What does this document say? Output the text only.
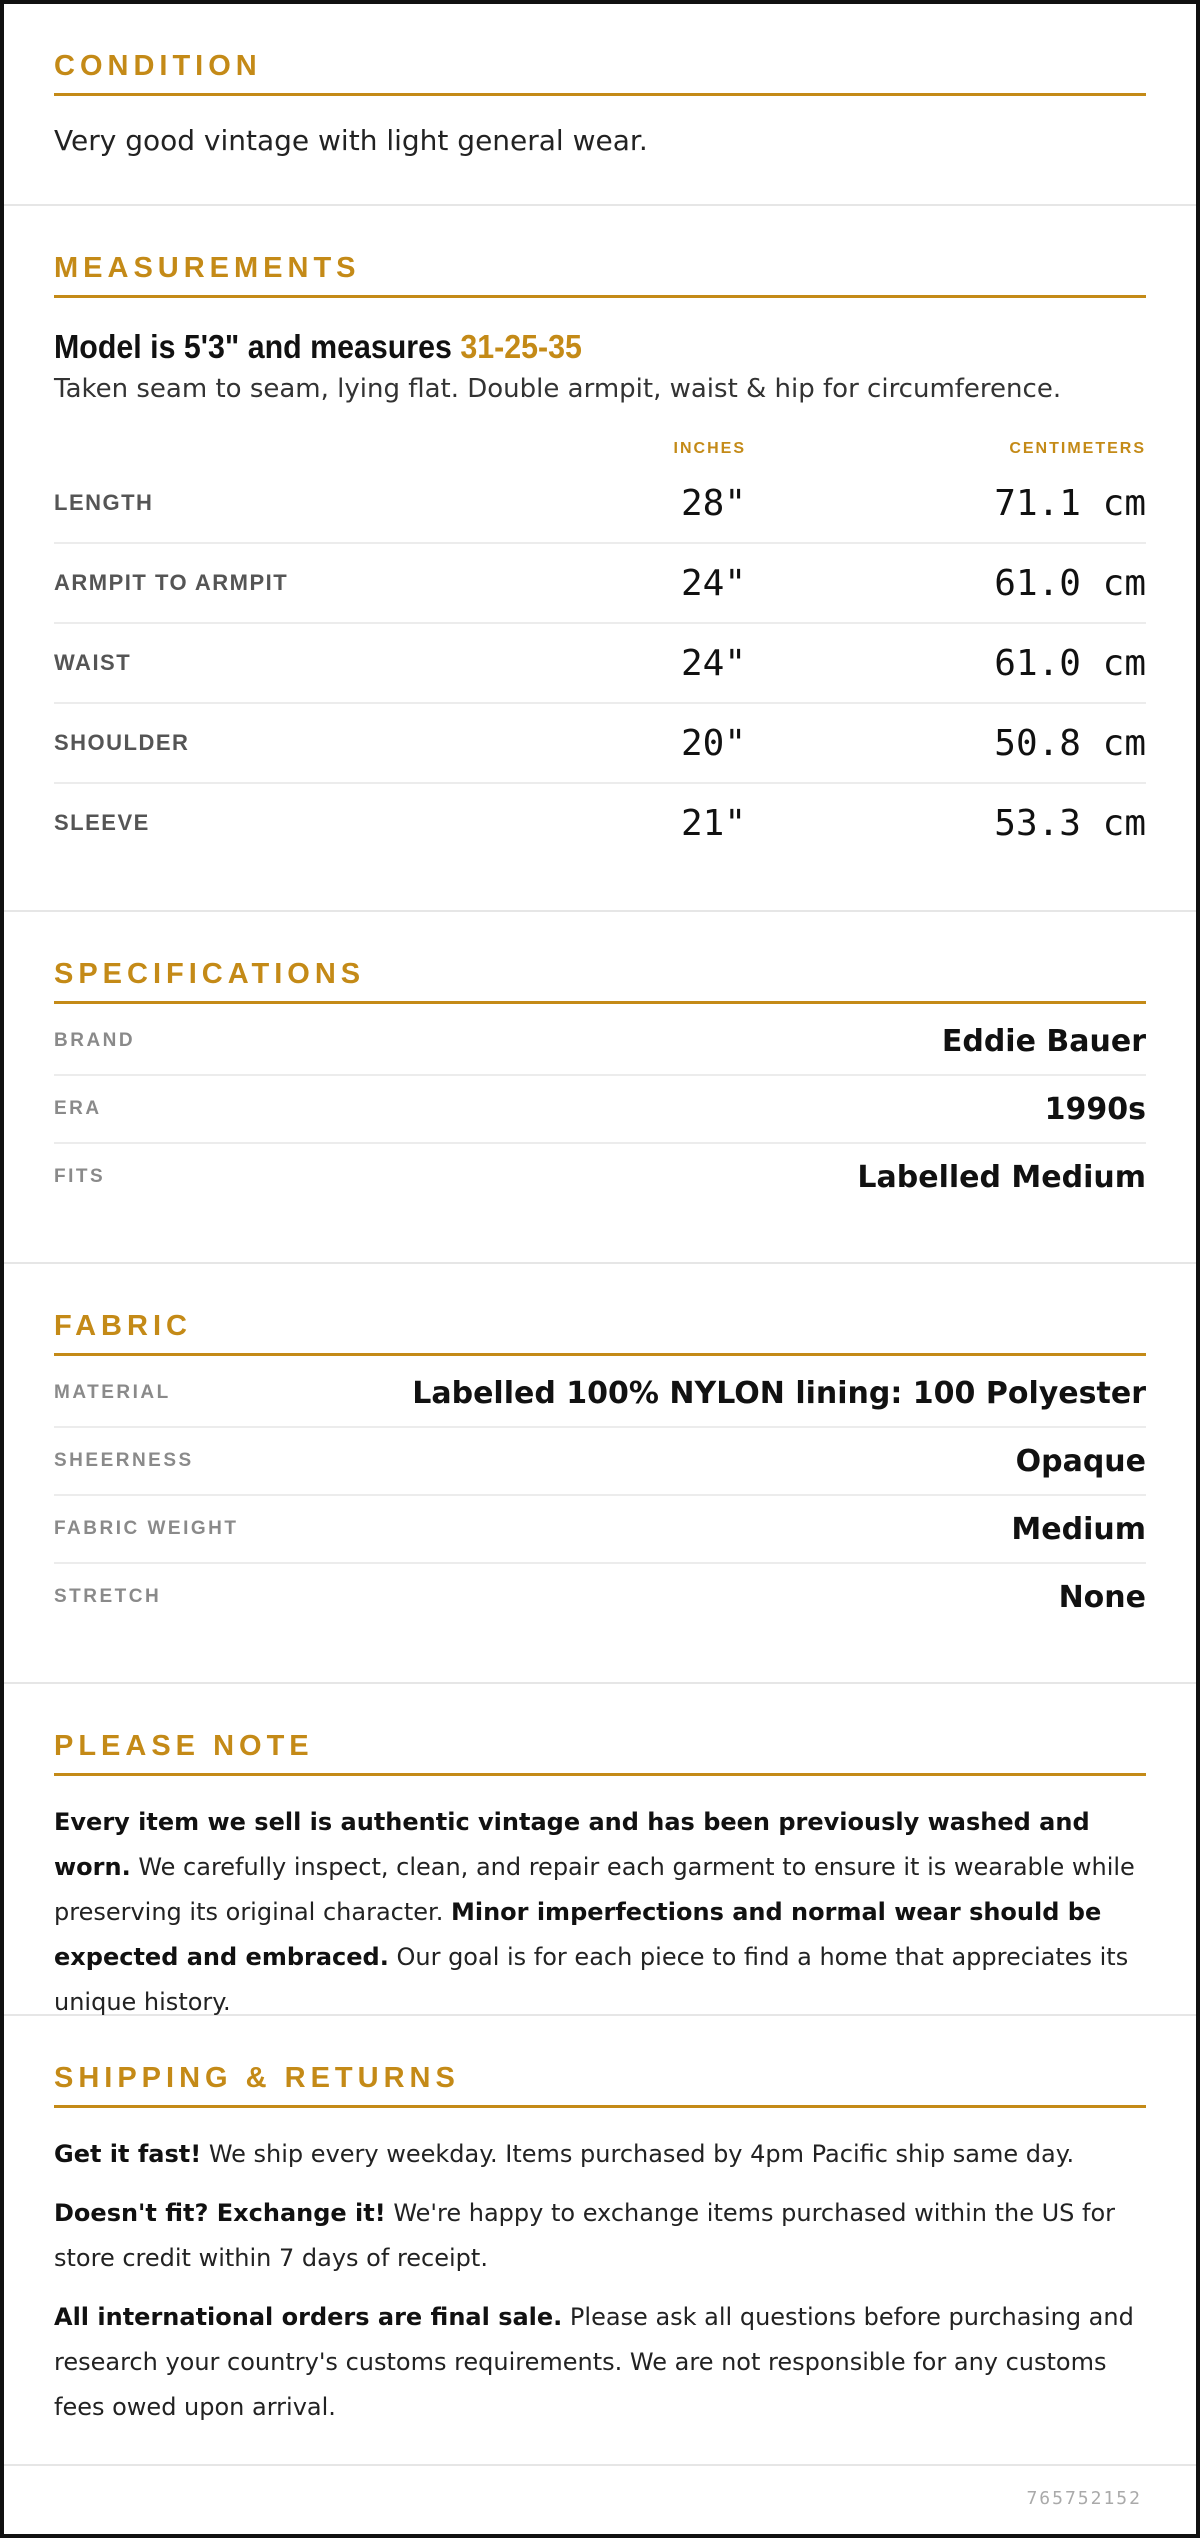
CONDITION
Very good vintage with light general wear.
MEASUREMENTS
Model is 5'3" and measures 31-25-35
Taken seam to seam, lying flat. Double armpit, waist & hip for circumference.
INCHES	CENTIMETERS
LENGTH	28"	71.1 cm
ARMPIT TO ARMPIT	24"	61.0 cm
WAIST	24"	61.0 cm
SHOULDER	20"	50.8 cm
SLEEVE	21"	53.3 cm
SPECIFICATIONS
BRAND	Eddie Bauer
ERA	1990s
FITS	Labelled Medium
FABRIC
MATERIAL	Labelled 100% NYLON lining: 100 Polyester
SHEERNESS	Opaque
FABRIC WEIGHT	Medium
STRETCH	None
PLEASE NOTE
Every item we sell is authentic vintage and has been previously washed and worn. We carefully inspect, clean, and repair each garment to ensure it is wearable while preserving its original character. Minor imperfections and normal wear should be expected and embraced. Our goal is for each piece to find a home that appreciates its unique history.
SHIPPING & RETURNS

Get it fast! We ship every weekday. Items purchased by 4pm Pacific ship same day.

Doesn't fit? Exchange it! We're happy to exchange items purchased within the US for store credit within 7 days of receipt.

All international orders are final sale. Please ask all questions before purchasing and research your country's customs requirements. We are not responsible for any customs fees owed upon arrival.

765752152
